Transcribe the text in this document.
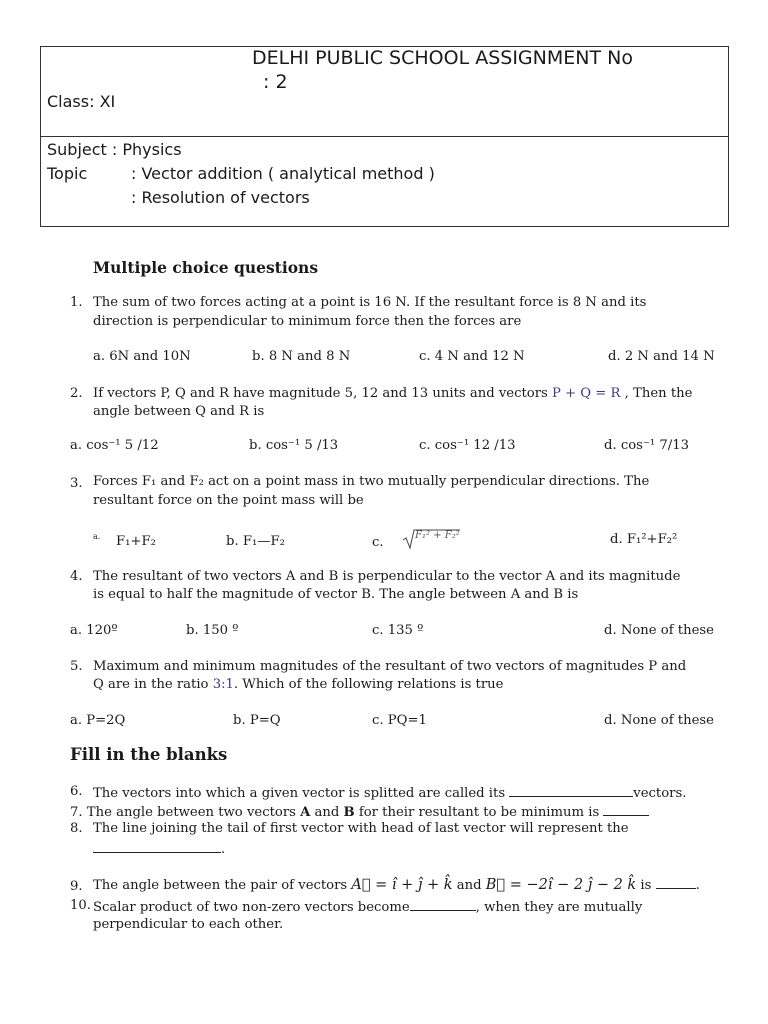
DELHI PUBLIC SCHOOL ASSIGNMENT No
: 2
Class: XI
Subject : Physics
Topic	: Vector addition ( analytical method )
: Resolution of vectors
Multiple choice questions
1. The sum of two forces acting at a point is 16 N. If the resultant force is 8 N and its
direction is perpendicular to minimum force then the forces are
a. 6N and 10N	b. 8 N and 8 N	c. 4 N and 12 N	d. 2 N and 14 N
2. If vectors P, Q and R have magnitude 5, 12 and 13 units and vectors P + Q = R , Then the
angle between Q and R is
a. cos⁻¹ 5 /12	b. cos⁻¹ 5 /13	c. cos⁻¹ 12 /13	d. cos⁻¹ 7/13
3. Forces F₁ and F₂ act on a point mass in two mutually perpendicular directions. The
resultant force on the point mass will be
a. F₁+F₂	b. F₁—F₂	c.	F₁² + F₂²	d. F₁²+F₂²
4. The resultant of two vectors A and B is perpendicular to the vector A and its magnitude
is equal to half the magnitude of vector B. The angle between A and B is
a. 120º	b. 150 º	c. 135 º	d. None of these
5. Maximum and minimum magnitudes of the resultant of two vectors of magnitudes P and
Q are in the ratio 3:1. Which of the following relations is true
a. P=2Q	b. P=Q	c. PQ=1	d. None of these
Fill in the blanks
6. The vectors into which a given vector is splitted are called its	vectors.
7. The angle between two vectors A and B for their resultant to be minimum is
8. The line joining the tail of first vector with head of last vector will represent the
.
9. The angle between the pair of vectors A⃗ = î + ĵ + k̂ and B⃗ = −2î − 2 ĵ − 2 k̂ is	.
10. Scalar product of two non-zero vectors become	, when they are mutually
perpendicular to each other.
